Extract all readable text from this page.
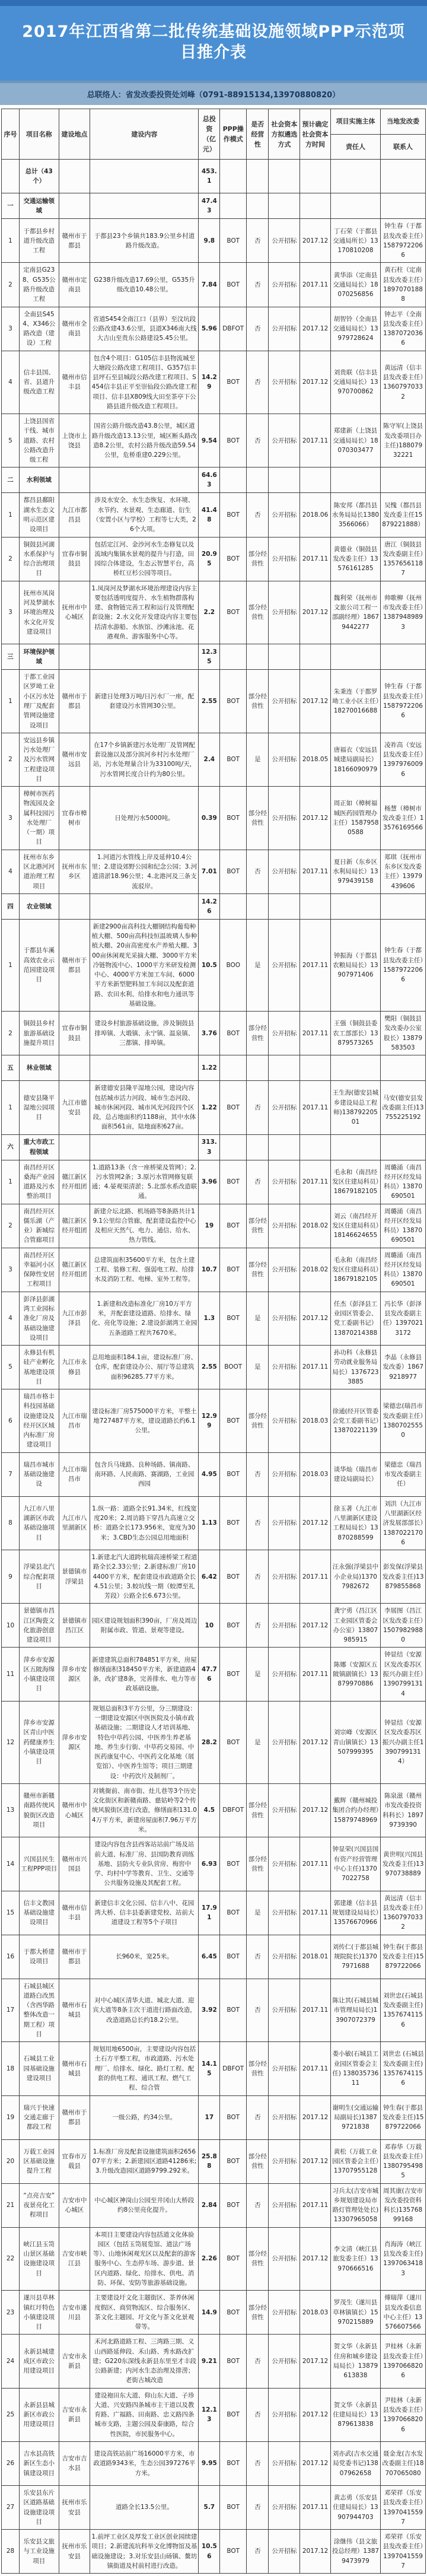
2017年江西省第二批传统基础设施领域PPP示范项目推介表
总联络人：省发改委投资处刘峰（0791-88915134,13970880820）
序号	项目名称	建设地点	建设内容	总投资（亿元）	PPP操作模式	是否经营性	社会资本方拟遴选方式	预计确定社会资本方时间	项目实施主体	当地发改委
									责任人	联系人
	总计（43个）			453.1						
一	交通运输领域			47.43						
1	于都县乡村道升级改造工程	赣州市于都县	于都县23个乡镇共183.9公里乡村道路升级改造。	9.8	BOT	否	公开招标	2017.12	丁石荣（于都县交通局所长）13170810208	钟生春（于都县发改委主任）15879722066
2	定南县G238、G535公路升级改造工程	赣州市定南县	G238升级改造17.69公里，G535升级改造10.48公里。	7.84	BOT	否	公开招标	2017.11	黄华添（定南县交通局局长）18070256856	黄石柱（定南县发改委主任）18970701888
3	全南县S454、X346公路改造（建设）工程	赣州市全南县	省道S454全南江口（县界）至汶坑段公路改建43.6公里，县道X346南大线大吉山至贵东公路建设5.45公里。	5.96	DBFOT	否	公开招标	2017.12	胡智铃（全南县交通局局长）13979728624	钟志平（全南县发改委主任）13870720366
4	信丰县国、省、县道升级改造工程	赣州市信丰县	包含4个项目：G105信丰县物流城至大塘段公路改建工程项目、G357信丰县坪石至县城段公路改建工程项目、S454信丰县正平至崇仙段公路改建工程项目、信丰县X809线大田至茶亭下公路县道升级改造工程项目。	14.29	BOT	否	公开招标	2017.12	刘贵联（信丰县交通局局长）13970700862	黄远清（信丰县发改委主任）13607970332
5	上饶县国省干线、城市道路、农村公路改造升级工程	上饶市上饶县	国省公路升级改造43.8公里，城区道路升级改造13.13公里，城区断头路改造8.2公里，农村公路升级改造59.54公里，危桥重建0.229公里。	9.54	BOT	否	公开招标	2017.11	郑建新（上饶县交通局局长）18070303477	陈守军(上饶县发改委项目办主任)18807932221
二	水利领域			64.63						
1	都昌县鄱阳湖水生态文明示范区建设项目	九江市都昌县	涉及水安全、水生态恢复、水环境、水节约、水景观、生态廊道、衍生（安置小区与学校）工程等七大类，26个大项。	41.48	BOT	否	公开招标	2018.06	陈安邦（都昌县水务局局长13803566066）	吴愧（都昌县发改委主任15879221888）
2	铜鼓县河湖水系保护与综合治理项目	宜春市铜鼓县	包括定江河、金沙河水生态修复以及流域内集镇水景观的提升与打造，田园综合体建设，生态云智慧平台，高桥红豆杉公园等项目。	20.95	BOT	部分经营性	公开招标	2017.11	黄德业（铜鼓县发改委主任）13576161285	唐江（铜鼓县发改委副主任）13576561187
3	抚州市凤岗河及梦湖水环境治理及水文化开发建设项目	抚州市中心城区	1.凤岗河及梦湖水环境治理建设内容主要包括透明度提升、水生植物群落构建、食物链完善工程和运行及管理配套设施；2.水文化开发建设内容主要包括清水游船、水族馆、沙滩泳池、花港观鱼、游客服务中心等。	2.2	BOT	部分经营性	公开招标	2017.12	魏利荣（抚州市文旅公司工程一部副经理）18679442277	帅歌柳（抚州市发改委主任）13879489893
三	环境保护领域			12.35						
1	于都工业园区罗坳工业小区污水处理厂及配套管网设施建设项目	赣州市于都县	新建日处理3万吨/日污水厂一座，配套建设污水管网30公里。	2.55	BOT	部分经营性	公开招标	2017.12	朱秉连（于都罗坳工业小区主任）18270016688	钟生春（于都县发改委主任）15879722066
2	安远县乡镇污水处理厂及污水管网工程建设项目	赣州市安远县	在17个乡镇新建污水处理厂及管网配套设施以及部分滨河乡村污水处理厂站，污水处理量合计为33100吨/天，污水管网长度合计约为80公里。	2.4	BOT	是	公开招标	2018.05	唐福衣（安远县城建局副局长）18166090979	凌祚高（安远县发改委主任）13979760096
3	樟树市医药物流园及金属科技园污水处理厂（一期）项目	宜春市樟树市	日处理污水5000吨。	0.39	BOT	部分经营性	公开招标	2017.12	周正如（樟树福城医药园管理办主任）15879580588	杨慧（樟树市发改委主任）13576169566
4	抚州市东乡区北港河河道治理工程项目	抚州市东乡区	1.河道污水管线上岸及延伸10.4公里；2.建设郊野公园和纪念公园；3.河道清淤18.96公里；4.北港河及三条支流驳岸。	7.01	BOT	否	公开招标	2017.11	夏日新（东乡区水利局局长）13979439158	郑琪（抚州市东乡区发改委主任）13979439606
四	农业领域			14.26						
1	于都县车溪高效农业示范园建设项目	赣州市于都县	新建2900亩高科技大棚钢结构葡萄种植大棚、500亩高科技恒温玻璃人参种植大棚、20亩高密度水产养殖大棚、300亩休闲观光采摘大棚、3000平方米冷链物流中心、1000平方米研发检测中心、4000平方米加工车间、6000平方米新型肥料加工车间以及配套道路、农田水利、给排水和电力通讯等基础设施。	10.5	BOO	是	公开招标	2017.11	钟振海（于都县农粮局局长）13907971406	钟生春（于都县发改委主任）15879722066
2	铜鼓县乡村旅游基础设施提升项目	宜春市铜鼓县	建设乡村旅游基础设施，涉及铜鼓县排埠镇、大塅镇、永宁镇、温泉镇、三都镇、排埠镇。	3.76	BOT	部分经营性	公开招标	2017.11	王强（铜鼓县委农工部部长）13879573265	樊阳（铜鼓县发改委办公室股长）13879583503
五	林业领域			1.22						
1	德安县隆平湿地公园项目	九江市德安县	新建德安县隆平湿地公园，建设内容包括城市活力河段、城市生态河段、城市休闲河段、城市风光河段四个区段，总占地面积约1188亩，其中水体面积561亩，陆地面积627亩。	1.22	BOT	否	公开招标	2017.11	王生海(德安县城乡建设局总工程师)13879220501	马安(德安县发改委副主任)13755225192
六	重大市政工程领域			313.3						
1	南昌经开区桑海产业园道路及污水整治项目	赣江新区经开组团	1.道路13条（含一座桥梁及管网）；2.污水管网2条；3.原污水管网修复联通；4.晏观渠清淤；5.北部水系改造联通。	3.96	BOT	否	公开招标	2017.11	毛永和（南昌经发区住建局科员）18679182105	周璐涌（南昌经开区经发局科员）13870690501
2	南昌经开区儒乐湖（产业）新城综合管廊项目	赣江新区经开组团	新建介坛北路、机场路等8条路共计19.1公里综合管廊，配套建设监控中心及相应天然气、电力、通信、给水、热力管线。	19	BOT	部分经营性	公开招标	2018.02	刘云（南昌经开发区住建局科员）18146624655	周璐涌（南昌经开区经发局科员）13870690501
3	南昌经开区幸福河小区保障性安居工程项目	赣江新区经开组团	总建筑面积35600平方米，包含土建工程、装修工程、强弱电工程、给排水及消防工程、电梯、室外工程等。	10.7	BOT	部分经营性	公开招标	2018.02	毛永和（南昌经发区住建局科员）18679182105	周璐涌（南昌经开区经发局科员）13870690501
4	彭泽县彭湖湾工业园标准化厂房及基础设施建设项目	九江市彭泽县	1.新建和改造标准化厂房10万平方米，并配套建设道路、给排水、绿化、亮化等设施；2.建设彭湖湾工业园五条道路工程共7670米。	1.3	BOT	是	公开招标	2017.12	任杰（彭泽县工业园区管委会、党工委副书记）13870214388	冯长华（彭泽县发改委副主任）13970213172
5	永修县有机硅产业孵化基地建设项目	九江市永修县	总用地面积184.1亩，建设标准厂房、仓库，配套建设办公、展厅等总建筑面积96285.77平方米。	2.55	BOOT	是	公开招标	2017.11	孙功科（永修县劳动就业服务局 局长）13767233885	李晶（永修县发改委）18679218977
6	瑞昌市格丰科技园基础设施建设及经开区区域内标准厂房建设项目	九江市瑞昌市	建设标准厂房575000平方米，平整土地727487平方米，建设道路长约6.1公里。	12.99	BOT	部分经营性	公开招标	2018.03	徐通(经开区管委会党工委副书记）13870221139	梁德忠(瑞昌市发改委副主任）13807025550
7	瑞昌市城市基础设施建设	九江市瑞昌市	包含兵马垅路、良种场路、镇南路、南环路、人民南路、赛湖路，工业园西园	4.95	BOT	否	公开招标	2018.03	谈华灿（瑞昌市建设局副局长）	梁德忠（瑞昌市发改委副主任）
8	九江市八里湖新区市政基础设施项目	九江市八里湖新区	1.纵一路：道路全长91.34米，红线宽度20米；2.周访路下穿昌九高速立交桥：道路全长173.956米，宽度为30米；3.CBD生态公园总用地面积	1.13	BOT	否	公开招标	2017.12	徐玉著（九江市八里湖新区建设工程局局长）13870288599	刘洪（九江市八里湖新区经济发展部部长）13870221706
9	浮梁县北汽综合配套项目	景德镇市浮梁县	1.新建北汽大道跨杭瑞高速桥梁工程道路全长2.33公里；2.新建标准厂房104400平方米，配套建设市政道路全长4.51公里；3.蛟坑线一期（蛟潭至礼芳段）公路全长6.673公里。	6.42	BOT	否	公开招标	2017.11	汪永强(浮梁县中小企业局)13707982672	彭发保(浮梁县发改委主任)13879855868
10	景德镇市昌江区陶瓷文化旅游创意建设项目	景德镇市昌江区	园区建设规划面积390亩，厂房及周边附属市政、管道、景观等建设。	10	BOT	否	公开招标	2017.12	龚宁勇（昌江区工业园区管委会办公室）13807985915	李展图（昌江区发改委主任）15079829880
11	萍乡市安源区五陂海绵小镇建设项目	萍乡市安源区	新建建筑总面积784851平方米，房屋修缮面积318450平方米，新建道路4条，改扩建8条，完善排水、电力等市政基础设施。	47.76	BOT	是	公开招标	2017.11	陈娜（安源区五陂镇副镇长）13879970886	钟显结（安源区发改委苏区振兴办副主任）13907991314
12	萍乡市安源区青山中医药健康养生小镇建设项目	萍乡市安源区	规划总面积3平方公里，分三期建设：一期建设安源区中医医院及小镇市政基础设施；二期建设人才培训基地、特色中草药公园、中医养生养老基地、养生步行街、中草药交易园、中医药康复中心、中医药文化基地（展览馆）、中医养生馆等；项目三期建设：中药饮片及制剂厂。	28.2	BOT	是	公开招标	2017.12	刘宗峰（安源区青山镇镇长）13507999395	钟显结（安源区发改委苏区振兴办副主任13907991314）
13	赣州市新赣南路传统风貌街区改造项目	赣州市中心城区	对姚衙前、南市街、灶儿巷等3个历史文化街区和新赣南路、慈姑岭等2个传统风貌街区进行改造，修缮面积131.04万平方米，新建房屋面积7.96万平方米。	4.5	DBFOT	部分经营性	公开招标	2017.12	戴辉（赣州城投集团合约办经理）15879748969	陈泉滋（赣州市发改委投资科科长）18979739390
14	兴国县民生工程PPP项目	赣州市兴国县	建设内容包含县西客站站前广场及站前大道、标准厂房、县国防教育训练基地、县防火专业队营房、梅窖中学、均村中学等教育、卫生、交通等公共服务设施及其配套工程。	6.93	BOT	部分经营性	公开招标	2017.11	钟显荣(兴国县国有资产经营管理中心主任)13707022758	黄世明(兴国县发改委主任)13970738889
15	信丰文教园基础设施建设项目	赣州市信丰县	新建信丰文化公园、信丰八中、花园湾大桥、信丰县委新建党校、站前大道建设工程等5个子项目	17.91	BOT	是	公开招标	2017.11	郭建雄（信丰县规划建设局局长）13576670966	黄远清（信丰县发改委主任）13607970332
16	于都大桥建设项目	赣州市于都县	长960米，宽25米。	6.45	BOT	否	公开招标	2018.01	刘传仁(于都县城规院院长)13707971688	钟生春(于都县发改委主任)15879722066
17	石城县城区道路白改黑（含西华路整体改造一期工程）项目	赣州市石城县	对中心城区清华大道、城北大道、迎宾大道等8条主次干道进行路面改造，改造道路总长约18.2公里。	3.92	BOT	否	公开招标	2017.11	陈让其(石城县城市管理局局长)13907072379	刘世忠(石城县发改委副主任)13576741156
18	石城县工业园基础设施建设项目	赣州市石城县	规划用地6500亩，主要建设内容包括土石方平整工程，市政道路、污水处理厂、给排水、绿化、路灯工程、配套的供电工程、通讯工程、燃气工程、综合管	14.15	DBFOT	部分经营性	公开招标	2017.11	娄小敏(石城县工业园区管委会主任) 13803573611	刘世忠 (石城县发改委副主任) 13576741156
19	瑞兴于快速交通走廊于都段工程	赣州市于都县	一级公路，约34公里。	17	BOT	否	公开招标	2017.12	谢明生(交通运输局副局长)13879721838	钟生春(于都县发改委主任)15879722066
20	万载工业园区基础设施提升工程	宜春市万载县	1.标准厂房及配套设施建筑面积265607平方米；2.新建园区道路41286米;3.升级改造园区道路9799.292米。	25.88	BOT	部分经营性	公开招标	2017.12	黄松（万载工业园区管委会主任）13707955128	邓春华（万载县发改委主任）13807954985
21	“点亮吉安”夜景亮化工程项目	吉安市中心城区	中心城区神岗山公园至井冈山大桥段约8公里亮化提升。	2.84	BOT	否	公开招标	2017.11	习兵太(吉安市城乡规划建设局市路灯管理处处长)13307965058	周其康(吉安市发改委投资科科长)13576899168
22	峡江县玉笥山景区基础设施建设项目	吉安市峡江县	本项目主要建设内容包括道文化体验园区（包括玉笥展览馆、道法广场等）、山地休闲观光区以及配套的游客服务中心、生态停车场、游步道、景区内道路、绿化、给排水、供电、消防、环保、安防等旅游基础设施。	2.26	BOT	部分经营性	公开招标	2017.12	李文清（峡江县旅发委主任）13970666516	肖海涛（峡江县发改委主任)13970634183
23	遂川县草林镇红圩特色小镇建设项目	吉安市遂川县	主要建设圩文化主题街区、茶养休闲度假区、商贸物流区、综合服务区、茶文化主题园、圩文化与茶文化景观带等。	14.9	BOT	部分经营性	公开招标	2018.03	罗茂生（遂川县草林镇镇长）15970215889	傅瑞萍（遂川县发改委信息中心主任）13576607566
24	永新县城建成区市政公用建设项目	吉安市永新县	禾河北路道路工程、三湾路三期、义山西路延伸段、禾山路、秀水路改扩建；G220东深线永新县东里至才丰段公路新建；内河水生态治理及排涝；老街古城改造	9.21	BOT	否	公开招标	2017.12	贺文华（永新县住房和城乡建设局局长）13879613838	尹桂林（永新县发改委主任）13970668206
25	永新县县城新区市政公用建设项目	吉安市永新县	建设袍田东大道、仰山东大道、子珍大道、兴安路四条城市主干道以及教育路、广福路、田南路、忠义路四条城市支路，主题公园及泰康路，综合性医院，市民服务中心。	12.13	BOT	否	公开招标	2017.12	贺文华（永新县住建局局长）13879613838	尹桂林（永新县发改委主任）13970668206
26	吉水县高铁新区生态小镇建设项目	吉安市吉水县	建设高铁站前广场16000平方米，市政道路9343米，生态公园397276平方米。	9.95	BOT	否	公开招标	2017.12	刘亦武(吉水交通局党委书记)13807962658	聂金龙(吉水发改委副主任)18707065080
27	乐安县东片区道路基础设施建设项目	抚州市乐安县	道路全长13.5公里。	5.7	BOT	否	公开招标	2017.11	黄志勇（乐安县住建局局长）13907944703	邓荣祥（乐安县发改委主任）13970415597
28	乐安县文旅与工业设施项目	抚州市乐安县	1.前坪工业区及厚发工业区创业园续建项目；2.新建流坑科举文化博物馆及基础设施建设；3.对乐安县山砀镇、鳌坊镇街道及村前村进行改造。	10.56	BOT	否	公开招标	2017.12	涂继伟（县文旅投总经理）13879473979	邓荣祥（乐安县发改委主任）13970415597
